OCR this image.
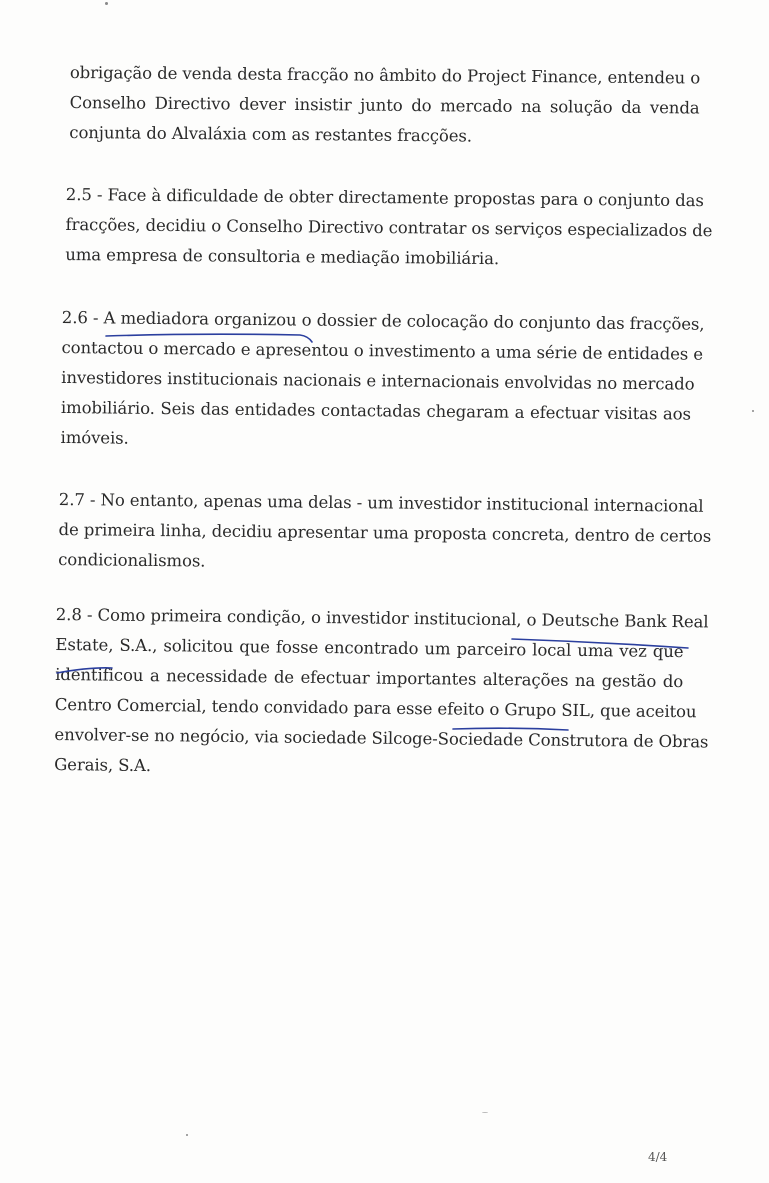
obrigação de venda desta fracção no âmbito do Project Finance, entendeu o
Conselho Directivo dever insistir junto do mercado na solução da venda
conjunta do Alvaláxia com as restantes fracções.

2.5 - Face à dificuldade de obter directamente propostas para o conjunto das
fracções, decidiu o Conselho Directivo contratar os serviços especializados de
uma empresa de consultoria e mediação imobiliária.

2.6 - A mediadora organizou o dossier de colocação do conjunto das fracções,
contactou o mercado e apresentou o investimento a uma série de entidades e
investidores institucionais nacionais e internacionais envolvidas no mercado
imobiliário. Seis das entidades contactadas chegaram a efectuar visitas aos
imóveis.

2.7 - No entanto, apenas uma delas - um investidor institucional internacional
de primeira linha, decidiu apresentar uma proposta concreta, dentro de certos
condicionalismos.

2.8 - Como primeira condição, o investidor institucional, o Deutsche Bank Real
Estate, S.A., solicitou que fosse encontrado um parceiro local uma vez que
identificou a necessidade de efectuar importantes alterações na gestão do
Centro Comercial, tendo convidado para esse efeito o Grupo SIL, que aceitou
envolver-se no negócio, via sociedade Silcoge-Sociedade Construtora de Obras
Gerais, S.A.

4/4
